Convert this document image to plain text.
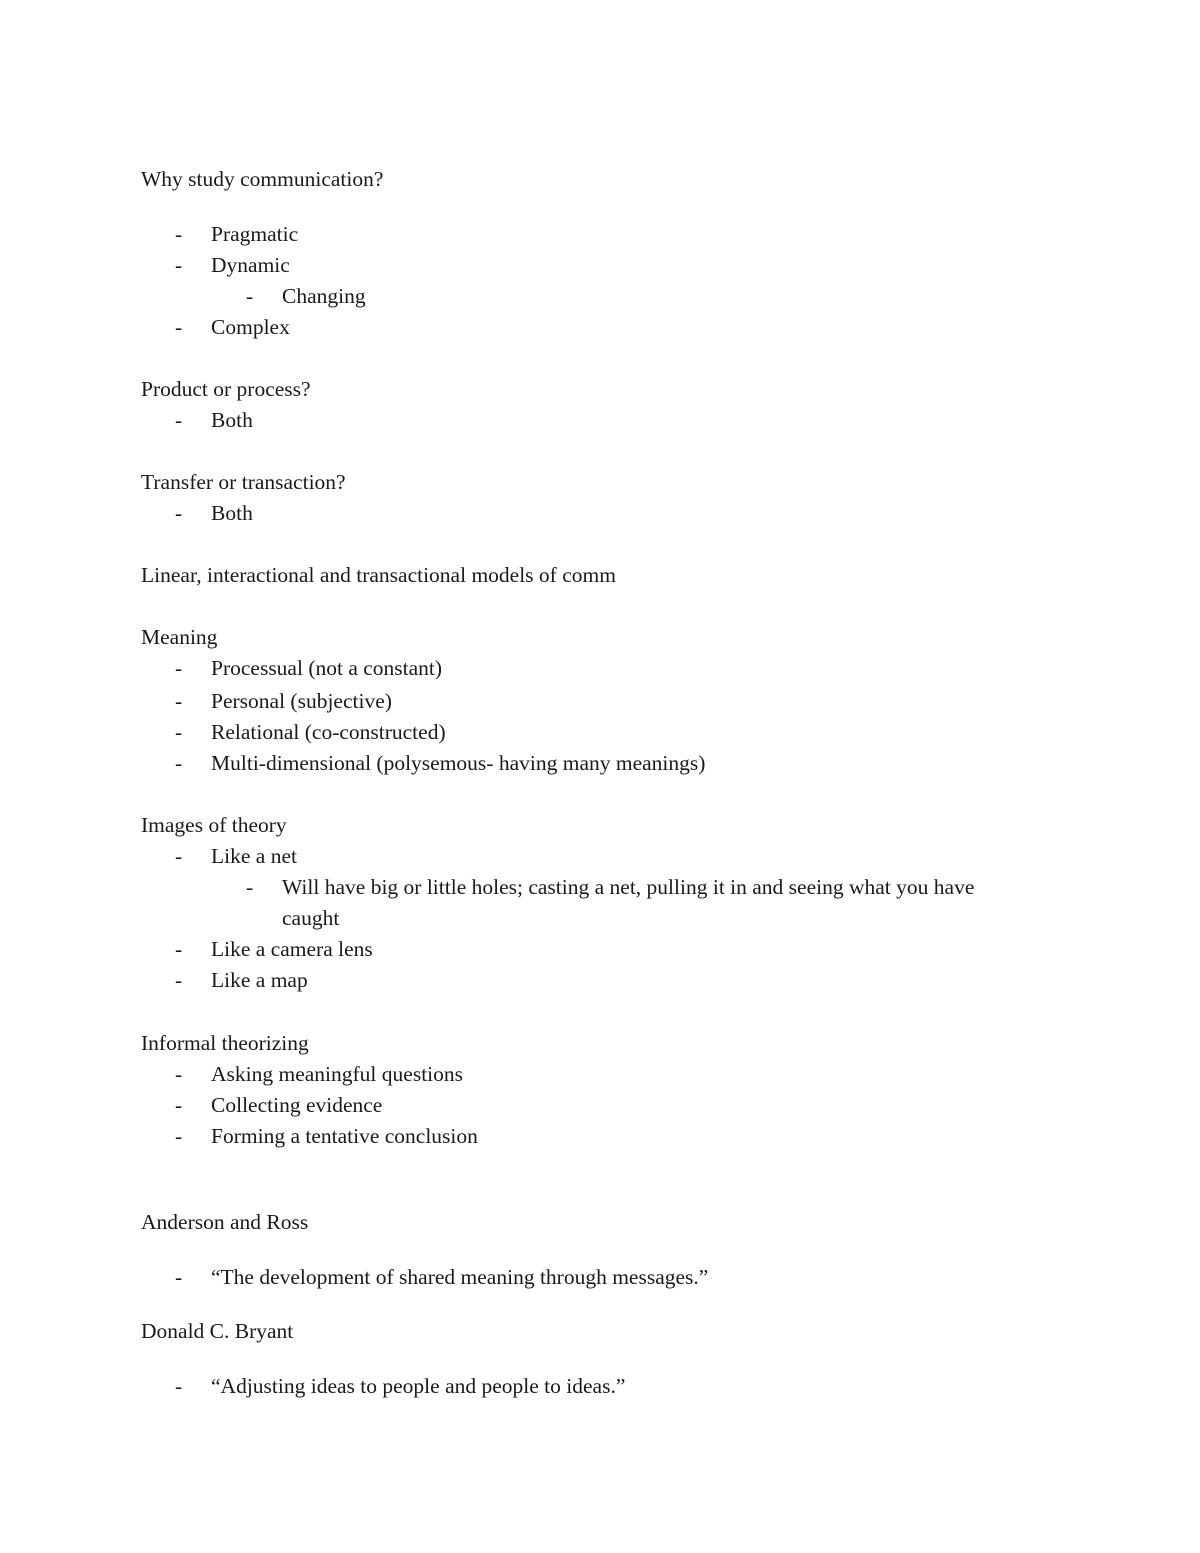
Why study communication?
-	Pragmatic
-	Dynamic
-	Changing
-	Complex
Product or process?
-	Both
Transfer or transaction?
-	Both
Linear, interactional and transactional models of comm
Meaning
-	Processual (not a constant)
-	Personal (subjective)
-	Relational (co-constructed)
-	Multi-dimensional (polysemous- having many meanings)
Images of theory
-	Like a net
-	Will have big or little holes; casting a net, pulling it in and seeing what you have
caught
-	Like a camera lens
-	Like a map
Informal theorizing
-	Asking meaningful questions
-	Collecting evidence
-	Forming a tentative conclusion
Anderson and Ross
-	“The development of shared meaning through messages.”
Donald C. Bryant
-	“Adjusting ideas to people and people to ideas.”
